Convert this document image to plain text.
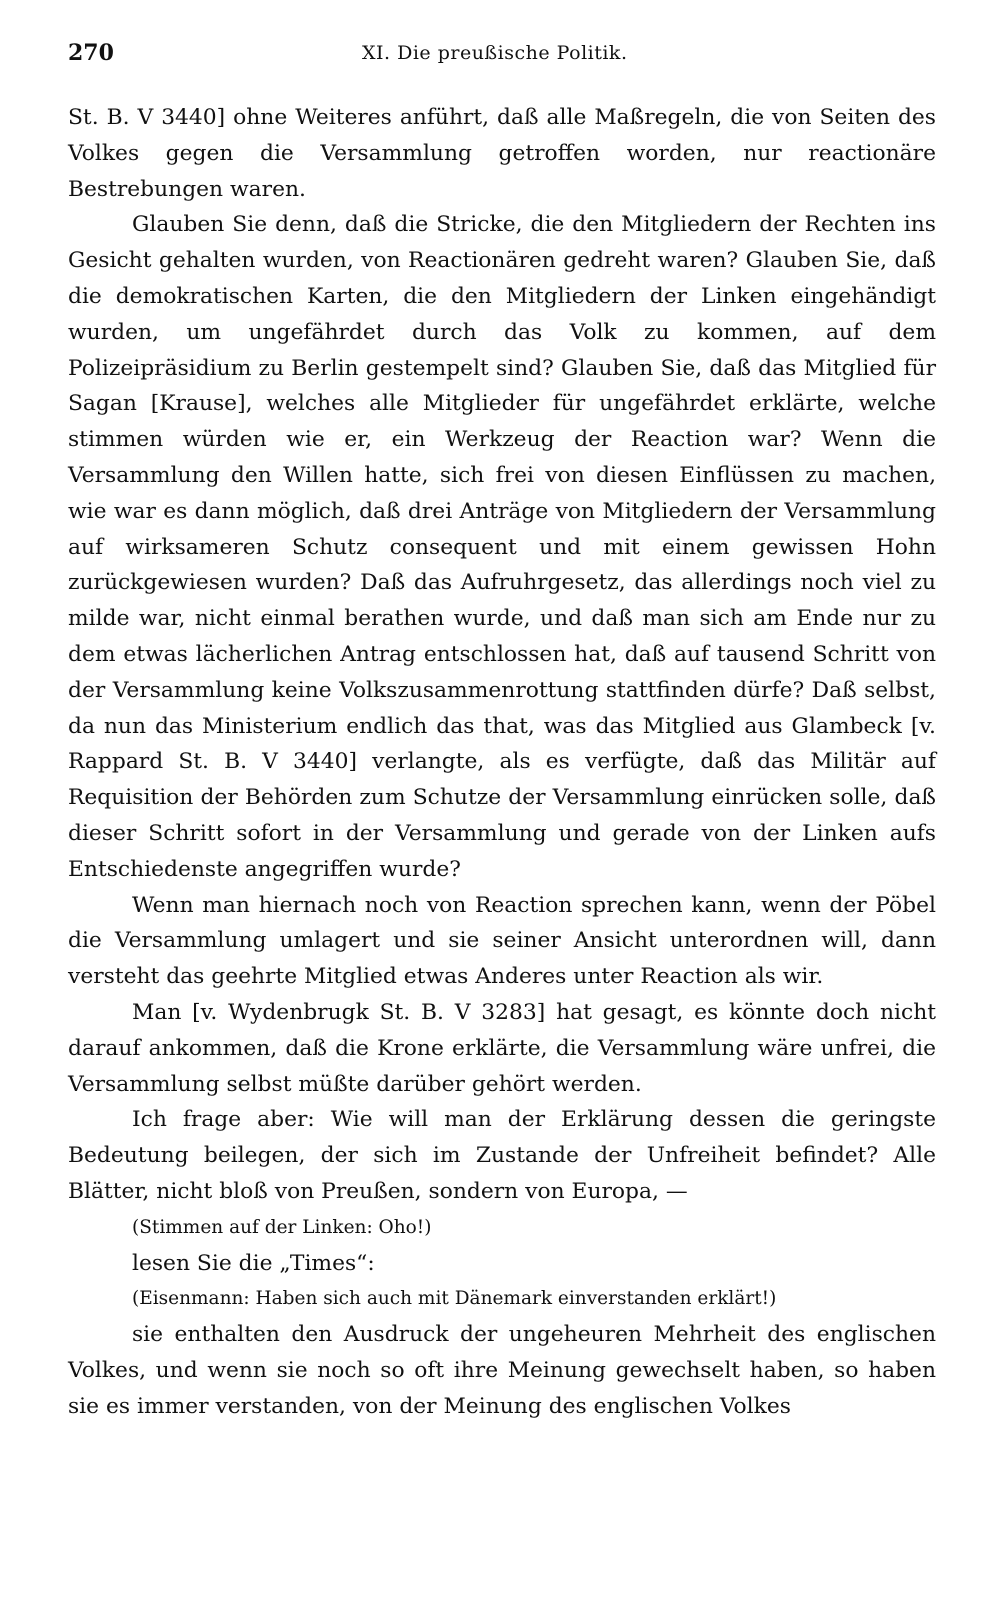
270	XI. Die preußische Politik.

St. B. V 3440] ohne Weiteres anführt, daß alle Maßregeln, die von Seiten des Volkes gegen die Versammlung getroffen worden, nur reactionäre Bestrebungen waren.

Glauben Sie denn, daß die Stricke, die den Mitgliedern der Rechten ins Gesicht gehalten wurden, von Reactionären gedreht waren? Glauben Sie, daß die demokratischen Karten, die den Mitgliedern der Linken eingehändigt wurden, um ungefährdet durch das Volk zu kommen, auf dem Polizeipräsidium zu Berlin gestempelt sind? Glauben Sie, daß das Mitglied für Sagan [Krause], welches alle Mitglieder für ungefährdet erklärte, welche stimmen würden wie er, ein Werkzeug der Reaction war? Wenn die Versammlung den Willen hatte, sich frei von diesen Einflüssen zu machen, wie war es dann möglich, daß drei Anträge von Mitgliedern der Versammlung auf wirksameren Schutz consequent und mit einem gewissen Hohn zurückgewiesen wurden? Daß das Aufruhrgesetz, das allerdings noch viel zu milde war, nicht einmal berathen wurde, und daß man sich am Ende nur zu dem etwas lächerlichen Antrag entschlossen hat, daß auf tausend Schritt von der Versammlung keine Volkszusammenrottung stattfinden dürfe? Daß selbst, da nun das Ministerium endlich das that, was das Mitglied aus Glambeck [v. Rappard St. B. V 3440] verlangte, als es verfügte, daß das Militär auf Requisition der Behörden zum Schutze der Versammlung einrücken solle, daß dieser Schritt sofort in der Versammlung und gerade von der Linken aufs Entschiedenste angegriffen wurde?

Wenn man hiernach noch von Reaction sprechen kann, wenn der Pöbel die Versammlung umlagert und sie seiner Ansicht unterordnen will, dann versteht das geehrte Mitglied etwas Anderes unter Reaction als wir.

Man [v. Wydenbrugk St. B. V 3283] hat gesagt, es könnte doch nicht darauf ankommen, daß die Krone erklärte, die Versammlung wäre unfrei, die Versammlung selbst müßte darüber gehört werden.

Ich frage aber: Wie will man der Erklärung dessen die geringste Bedeutung beilegen, der sich im Zustande der Unfreiheit befindet? Alle Blätter, nicht bloß von Preußen, sondern von Europa, —

(Stimmen auf der Linken: Oho!)

lesen Sie die „Times“:

(Eisenmann: Haben sich auch mit Dänemark einverstanden erklärt!)

sie enthalten den Ausdruck der ungeheuren Mehrheit des englischen Volkes, und wenn sie noch so oft ihre Meinung gewechselt haben, so haben sie es immer verstanden, von der Meinung des englischen Volkes
